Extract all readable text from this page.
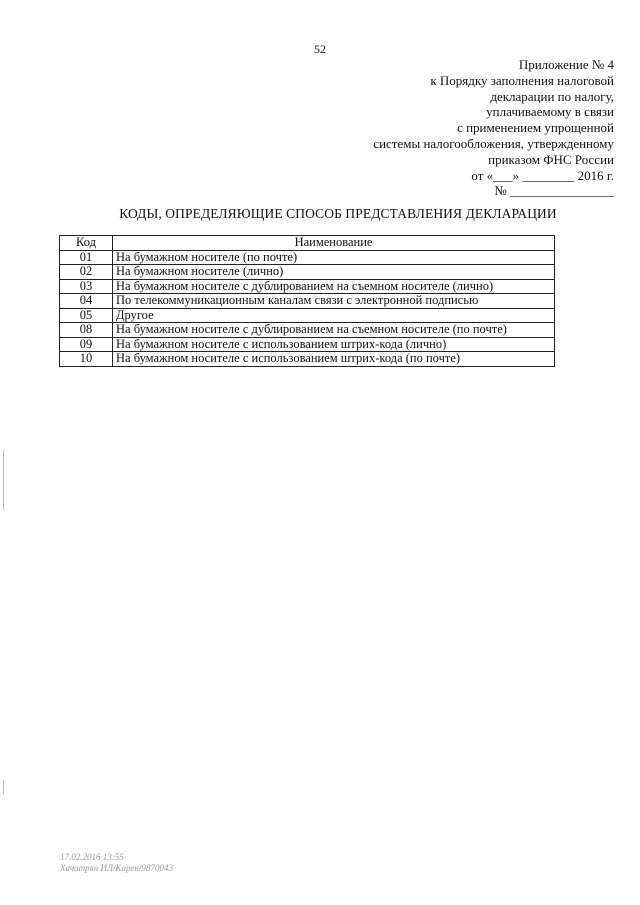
52
Приложение № 4
к Порядку заполнения налоговой
декларации по налогу,
уплачиваемому в связи
с применением упрощенной
системы налогообложения, утвержденному
приказом ФНС России
от «___» ________ 2016 г.
№ ________________
КОДЫ, ОПРЕДЕЛЯЮЩИЕ СПОСОБ ПРЕДСТАВЛЕНИЯ ДЕКЛАРАЦИИ
Код	Наименование
01	На бумажном носителе (по почте)
02	На бумажном носителе (лично)
03	На бумажном носителе с дублированием на съемном носителе (лично)
04	По телекоммуникационным каналам связи с электронной подписью
05	Другое
08	На бумажном носителе с дублированием на съемном носителе (по почте)
09	На бумажном носителе с использованием штрих-кода (лично)
10	На бумажном носителе с использованием штрих-кода (по почте)
17.02.2016 13:55
Хачатрян ИЛ/Карен/9870043
